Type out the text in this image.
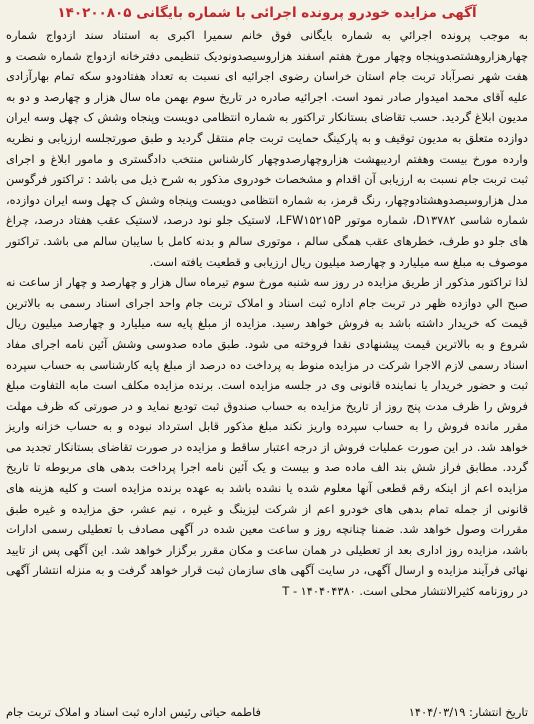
آگهی مزایده خودرو پرونده اجرائی با شماره بایگانی ۱۴۰۲۰۰۸۰۵

به موجب پرونده اجرائي به شماره بایگانی فوق خانم سمیرا اکبری به استناد سند ازدواج شماره چهارهزاروهشتصدوپنجاه وچهار مورخ هفتم اسفند هزاروسیصدونودیک تنظیمی دفترخانه ازدواج شماره شصت و هفت شهر نصرآباد تربت جام استان خراسان رضوی اجرائیه ای نسبت به تعداد هفتادودو سکه تمام بهارآزادی علیه آقای محمد امیدوار صادر نمود است. اجرائیه صادره در تاریخ سوم بهمن ماه سال هزار و چهارصد و دو به مدیون ابلاغ گردید. حسب تقاضای بستانکار تراکتور به شماره انتظامی دویست وپنجاه وشش ک چهل وسه ایران دوازده متعلق به مدیون توقیف و به پارکینگ حمایت تربت جام منتقل گردید و طبق صورتجلسه ارزیابی و نظریه وارده مورخ بیست وهفتم اردیبهشت هزاروچهارصدوچهار کارشناس منتخب دادگستری و مامور ابلاغ و اجرای ثبت تربت جام نسبت به ارزیابی آن اقدام و مشخصات خودروی مذکور به شرح ذیل می باشد : تراکتور فرگوسن مدل هزاروسیصدوهشتادوچهار، رنگ قرمز، به شماره انتظامی دویست وپنجاه وشش ک چهل وسه ایران دوازده، شماره شاسی D۱۳۷۸۲، شماره موتور LFW۱۵۲۱۵P، لاستیک جلو نود درصد، لاستیک عقب هفتاد درصد، چراغ های جلو دو طرف، خطرهای عقب همگی سالم ، موتوری سالم و بدنه کامل با سایبان سالم می باشد. تراکتور موصوف به مبلغ سه میلیارد و چهارصد میلیون ریال ارزیابی و قطعیت یافته است.

لذا تراکتور مذکور از طریق مزایده در روز سه شنبه مورخ سوم تیرماه سال هزار و چهارصد و چهار از ساعت نه صبح الي دوازده ظهر در تربت جام اداره ثبت اسناد و املاک تربت جام واحد اجرای اسناد رسمی به بالاترین قیمت که خریدار داشته باشد به فروش خواهد رسید. مزایده از مبلغ پایه سه میلیارد و چهارصد میلیون ریال شروع و به بالاترین قیمت پیشنهادی نقدا فروخته می شود. طبق ماده صدوسی وشش آئین نامه اجرای مفاد اسناد رسمی لازم الاجرا شرکت در مزایده منوط به پرداخت ده درصد از مبلغ پایه کارشناسی به حساب سپرده ثبت و حضور خریدار یا نماینده قانونی وی در جلسه مزایده است. برنده مزایده مکلف است مابه التفاوت مبلغ فروش را ظرف مدت پنج روز از تاریخ مزایده به حساب صندوق ثبت تودیع نماید و در صورتی که ظرف مهلت مقرر مانده فروش را به حساب سپرده واریز نکند مبلغ مذکور قابل استرداد نبوده و به حساب خزانه واریز خواهد شد. در این صورت عملیات فروش از درجه اعتبار ساقط و مزایده در صورت تقاضای بستانکار تجدید می گردد. مطابق فراز شش بند الف ماده صد و بیست و یک آئین نامه اجرا پرداخت بدهی های مربوطه تا تاریخ مزایده اعم از اینکه رقم قطعی آنها معلوم شده یا نشده باشد به عهده برنده مزایده است و کلیه هزینه های قانونی از جمله تمام بدهی های خودرو اعم از شرکت لیزینگ و غیره ، نیم عشر، حق مزایده و غیره طبق مقررات وصول خواهد شد. ضمنا چنانچه روز و ساعت معین شده در آگهی مصادف با تعطیلی رسمی ادارات باشد، مزایده روز اداری بعد از تعطیلی در همان ساعت و مکان مقرر برگزار خواهد شد. این آگهی پس از تایید نهائی فرآیند مزایده و ارسال آگهی، در سایت آگهی های سازمان ثبت قرار خواهد گرفت و به منزله انتشار آگهی در روزنامه کثیرالانتشار محلی است. T - ۱۴۰۴۰۴۳۸۰

تاریخ انتشار: ۱۴۰۴/۰۳/۱۹
فاطمه حیاتی رئیس اداره ثبت اسناد و املاک تربت جام
